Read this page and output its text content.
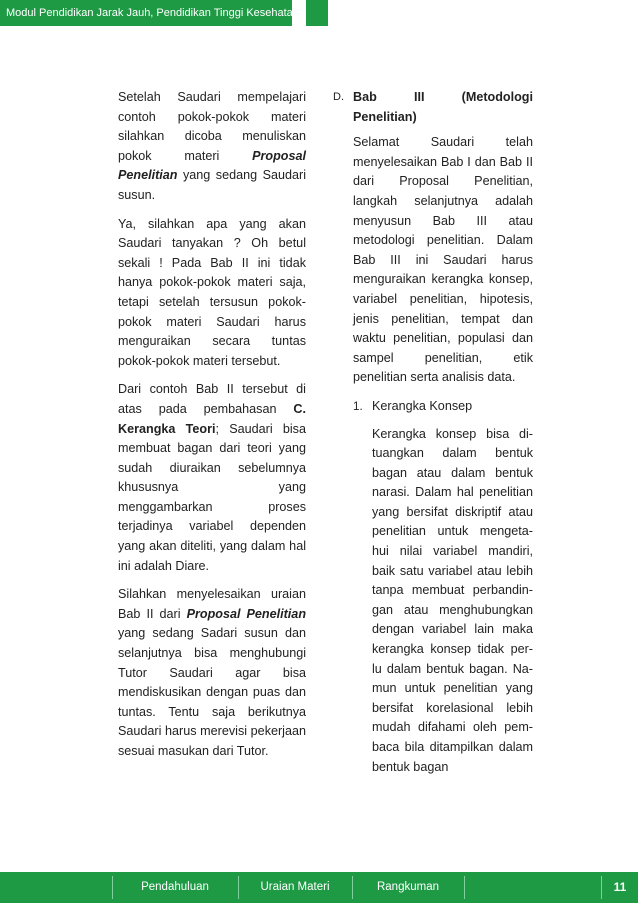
Modul Pendidikan Jarak Jauh, Pendidikan Tinggi Kesehatan

Setelah Saudari mempelajari contoh pokok-pokok materi silahkan dicoba menuliskan pokok materi Proposal Penelitian yang sedang Saudari susun.

Ya, silahkan apa yang akan Saudari tanyakan ? Oh betul sekali ! Pada Bab II ini tidak hanya pokok-pokok materi saja, tetapi setelah tersusun pokok-pokok materi Saudari harus menguraikan secara tuntas pokok-pokok materi tersebut.

Dari contoh Bab II tersebut di atas pada pembahasan C. Kerangka Teori; Saudari bisa membuat bagan dari teori yang sudah diuraikan sebelumnya khususnya yang menggambarkan proses terjadinya variabel dependen yang akan diteliti, yang dalam hal ini adalah Diare.

Silahkan menyelesaikan uraian Bab II dari Proposal Penelitian yang sedang Sadari susun dan selanjutnya bisa menghubungi Tutor Saudari agar bisa mendiskusikan dengan puas dan tuntas. Tentu saja berikutnya Saudari harus merevisi pekerjaan sesuai masukan dari Tutor.

D. Bab	III	(Metodologi
Penelitian)

Selamat Saudari telah menyelesaikan Bab I dan Bab II dari Proposal Penelitian, langkah selanjutnya adalah menyusun Bab III atau metodologi penelitian. Dalam Bab III ini Saudari harus menguraikan kerangka konsep, variabel penelitian, hipotesis, jenis penelitian, tempat dan waktu penelitian, populasi dan sampel penelitian, etik penelitian serta analisis data.

1. Kerangka Konsep

Kerangka konsep bisa di-tuangkan dalam bentuk bagan atau dalam bentuk narasi. Dalam hal penelitian yang bersifat diskriptif atau penelitian untuk mengeta-hui nilai variabel mandiri, baik satu variabel atau lebih tanpa membuat perbandin-gan atau menghubungkan dengan variabel lain maka kerangka konsep tidak per-lu dalam bentuk bagan. Na-mun untuk penelitian yang bersifat korelasional lebih mudah difahami oleh pem-baca bila ditampilkan dalam bentuk bagan

Pendahuluan	Uraian Materi	Rangkuman	11
